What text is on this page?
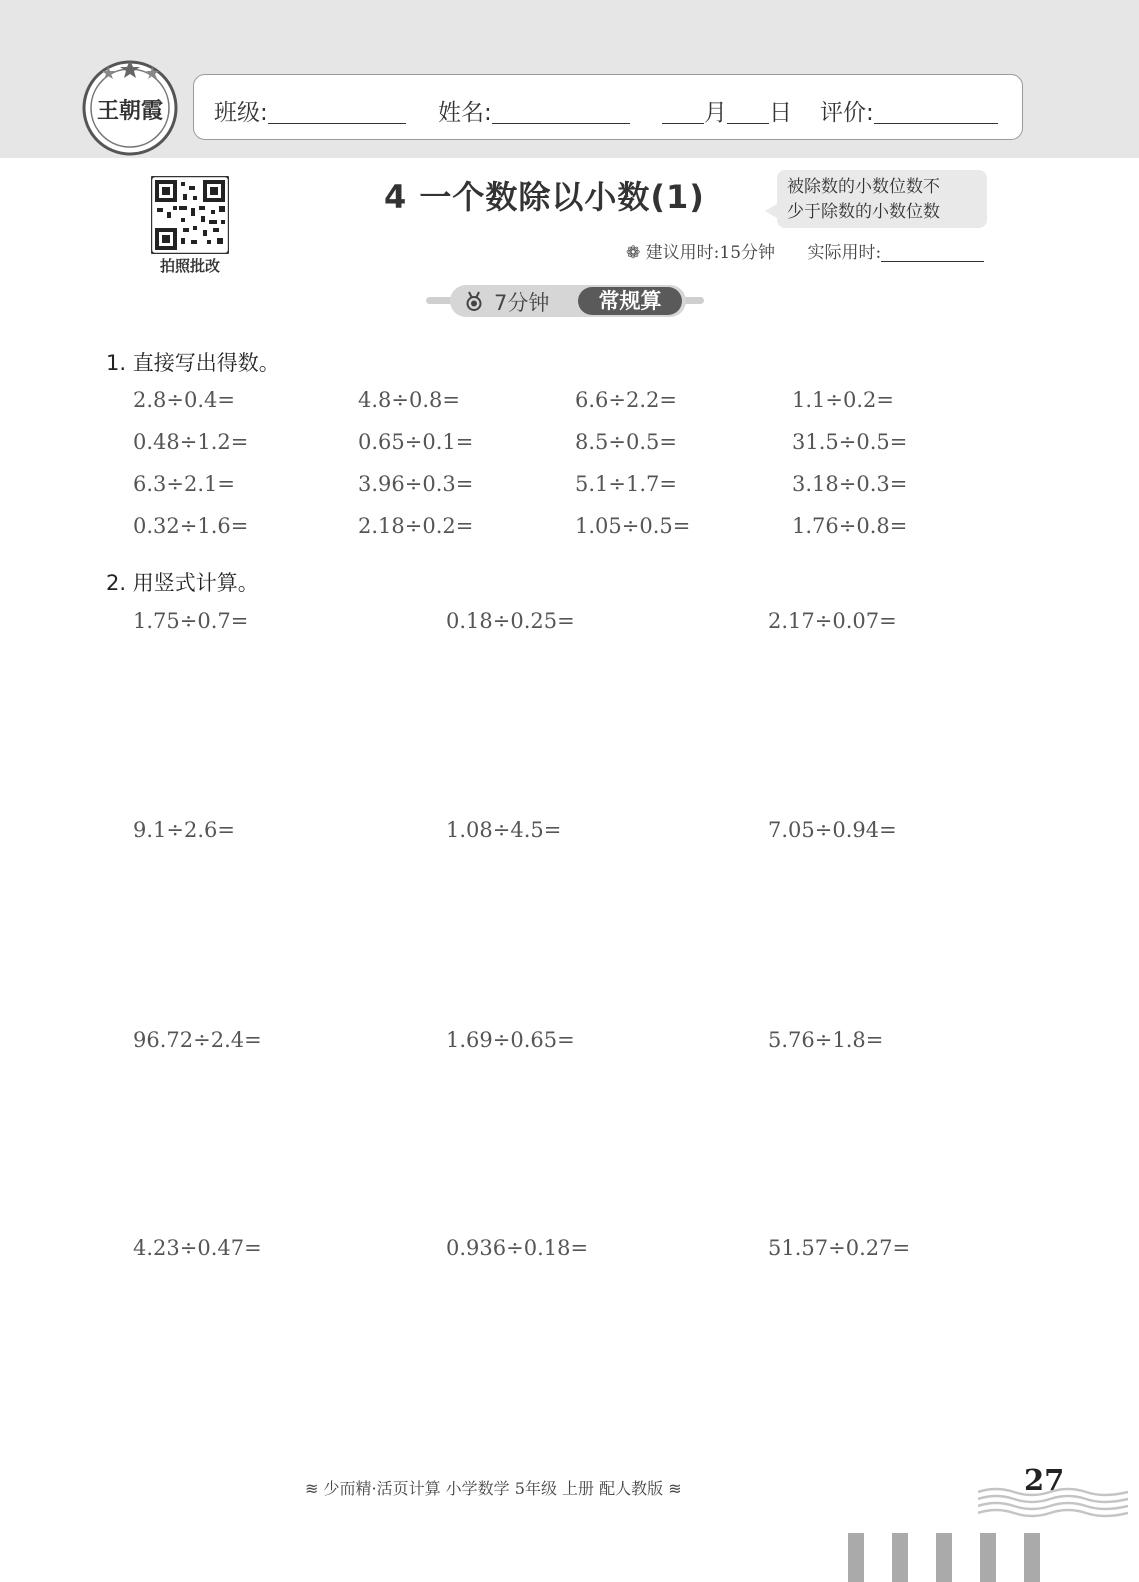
王朝霞 班级:	姓名:	月 日 评价:
拍照批改
4 一个数除以小数(1)	被除数的小数位数不
少于除数的小数位数
❁ 建议用时:15分钟 实际用时:
7分钟	常规算
1. 直接写出得数。
2.8÷0.4=	4.8÷0.8=	6.6÷2.2=	1.1÷0.2=
0.48÷1.2=	0.65÷0.1=	8.5÷0.5=	31.5÷0.5=
6.3÷2.1=	3.96÷0.3=	5.1÷1.7=	3.18÷0.3=
0.32÷1.6=	2.18÷0.2=	1.05÷0.5=	1.76÷0.8=
2. 用竖式计算。
1.75÷0.7=	0.18÷0.25=	2.17÷0.07=
9.1÷2.6=	1.08÷4.5=	7.05÷0.94=
96.72÷2.4=	1.69÷0.65=	5.76÷1.8=
4.23÷0.47=	0.936÷0.18=	51.57÷0.27=
≋ 少而精·活页计算 小学数学 5年级 上册 配人教版 ≋	27
